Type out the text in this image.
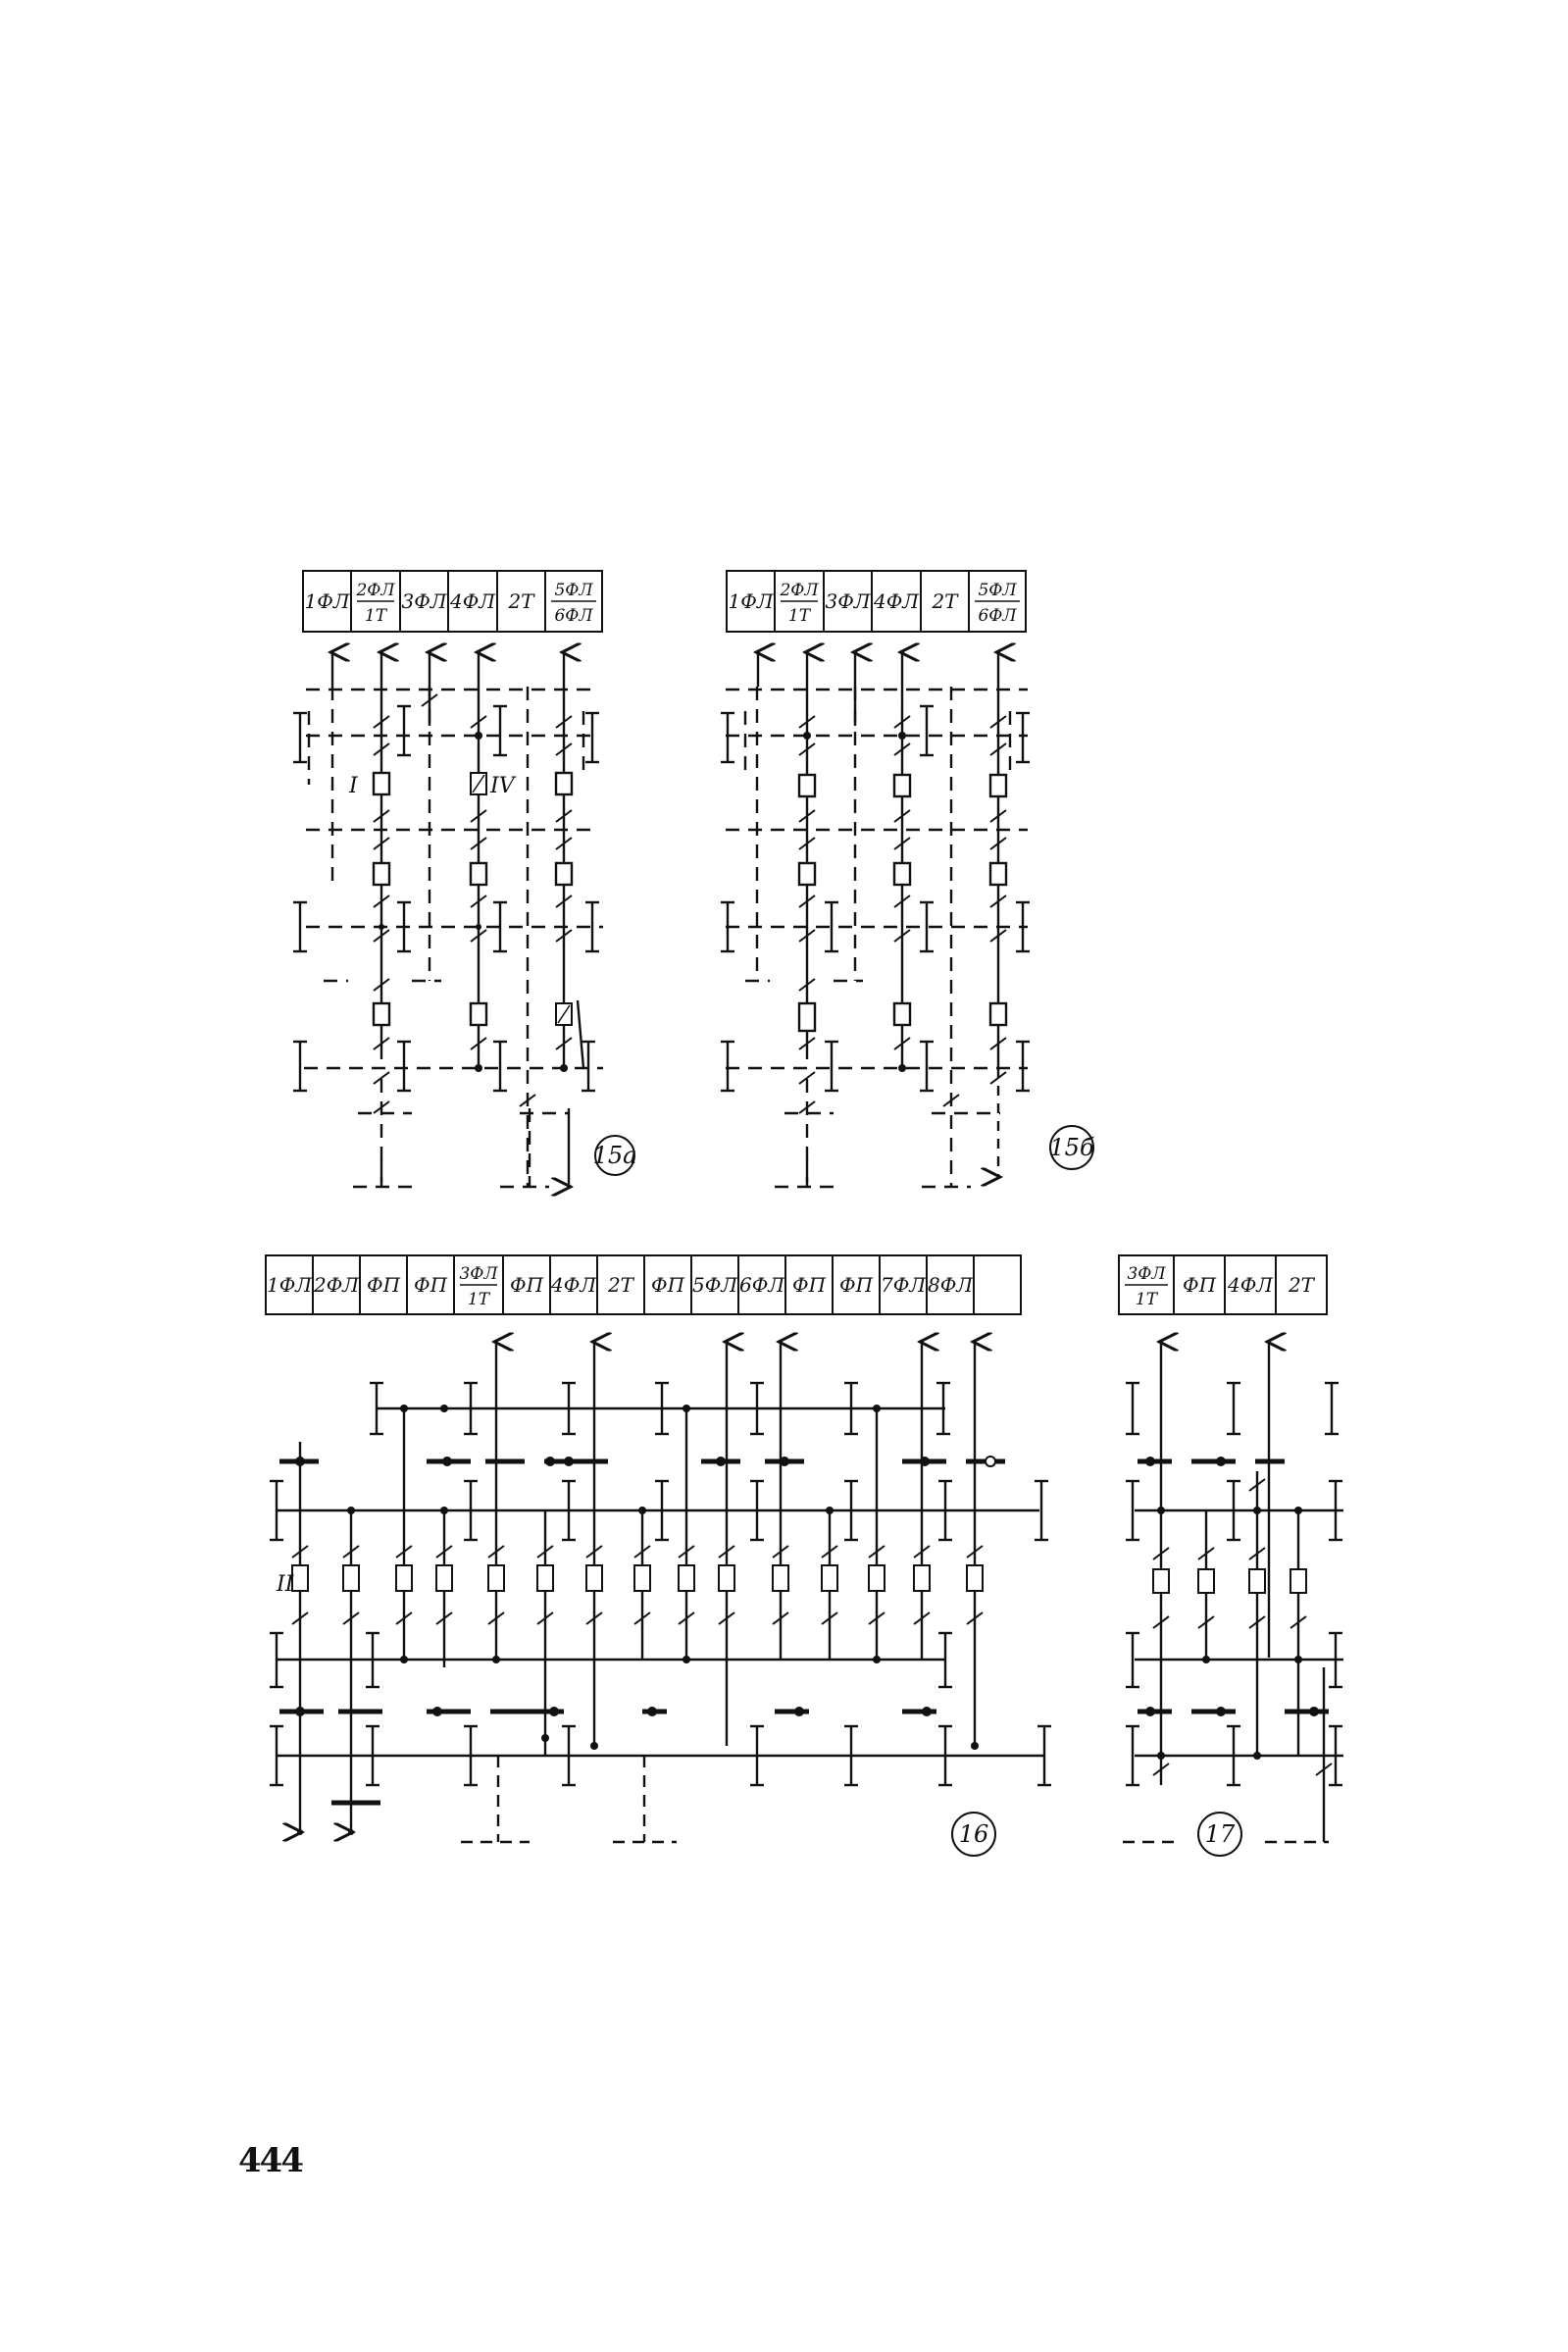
1ФЛ 2ФЛ
1Т
3ФЛ 4ФЛ 2Т 5ФЛ
6ФЛ
15а
I	IV
1ФЛ 2ФЛ
1Т
3ФЛ 4ФЛ 2Т 5ФЛ
6ФЛ
15б
1ФЛ 2ФЛ ФП ФП 3ФЛ
1Т
ФП 4ФЛ 2Т ФП 5ФЛ 6ФЛ ФП ФП 7ФЛ 8ФЛ
16
II
3ФЛ
1Т
ФП 4ФЛ 2Т
17
444
